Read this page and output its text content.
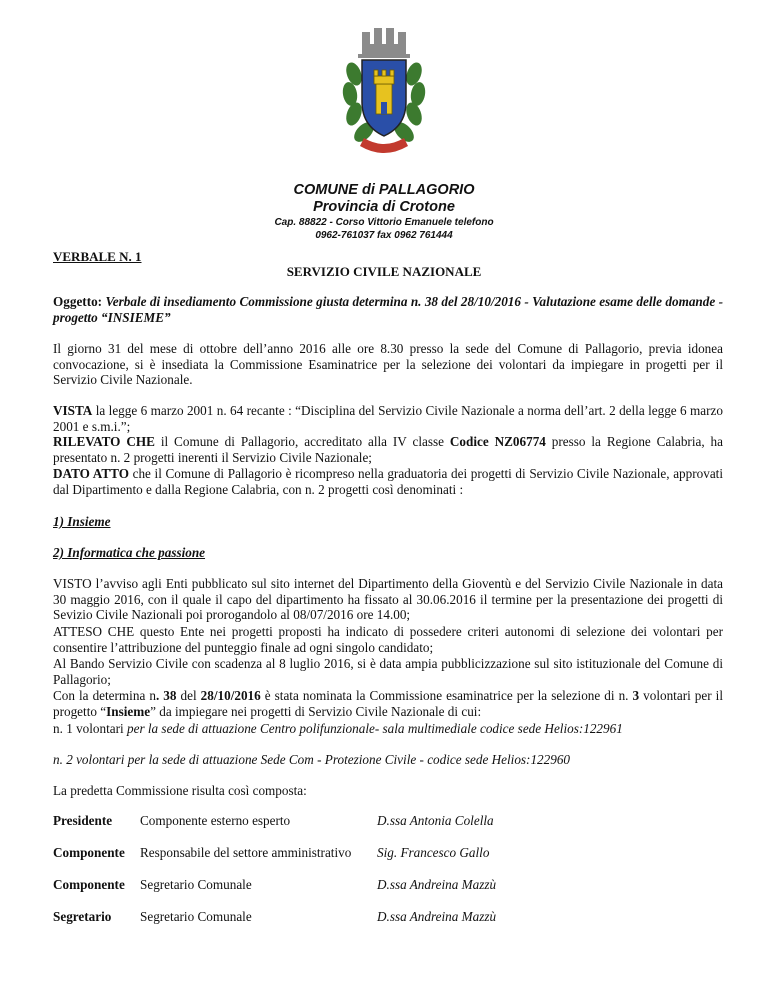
COMUNE di PALLAGORIO
Provincia di Crotone
Cap. 88822 - Corso Vittorio Emanuele telefono
0962-761037 fax 0962 761444
VERBALE N. 1
SERVIZIO CIVILE NAZIONALE
Oggetto: Verbale di insediamento Commissione giusta determina n. 38 del 28/10/2016 - Valutazione esame delle domande - progetto “INSIEME”
Il giorno 31 del mese di ottobre dell’anno 2016 alle ore 8.30 presso la sede del Comune di Pallagorio, previa idonea convocazione, si è insediata la Commissione Esaminatrice per la selezione dei volontari da impiegare in progetti per il Servizio Civile Nazionale.
VISTA la legge 6 marzo 2001 n. 64 recante : “Disciplina del Servizio Civile Nazionale a norma dell’art. 2 della legge 6 marzo 2001 e s.m.i.”;
RILEVATO CHE il Comune di Pallagorio, accreditato alla IV classe Codice NZ06774 presso la Regione Calabria, ha presentato n. 2 progetti inerenti il Servizio Civile Nazionale;
DATO ATTO che il Comune di Pallagorio è ricompreso nella graduatoria dei progetti di Servizio Civile Nazionale, approvati dal Dipartimento e dalla Regione Calabria, con n. 2 progetti così denominati :
1) Insieme
2) Informatica che passione
VISTO l’avviso agli Enti pubblicato sul sito internet del Dipartimento della Gioventù e del Servizio Civile Nazionale in data 30 maggio 2016, con il quale il capo del dipartimento ha fissato al 30.06.2016 il termine per la presentazione dei progetti di Sevizio Civile Nazionali poi prorogandolo al 08/07/2016 ore 14.00;
ATTESO CHE questo Ente nei progetti proposti ha indicato di possedere criteri autonomi di selezione dei volontari per consentire l’attribuzione del punteggio finale ad ogni singolo candidato;
Al Bando Servizio Civile con scadenza al 8 luglio 2016, si è data ampia pubblicizzazione sul sito istituzionale del Comune di Pallagorio;
Con la determina n. 38 del 28/10/2016 è stata nominata la Commissione esaminatrice per la selezione di n. 3 volontari per il progetto “Insieme” da impiegare nei progetti di Servizio Civile Nazionale di cui:
n. 1 volontari per la sede di attuazione Centro polifunzionale- sala multimediale codice sede Helios:122961
n. 2 volontari per la sede di attuazione Sede Com - Protezione Civile - codice sede Helios:122960
La predetta Commissione risulta così composta:
Presidente	Componente esterno esperto	D.ssa Antonia Colella
Componente	Responsabile del settore amministrativo	Sig. Francesco Gallo
Componente	Segretario Comunale	D.ssa Andreina Mazzù
Segretario	Segretario Comunale	D.ssa Andreina Mazzù
